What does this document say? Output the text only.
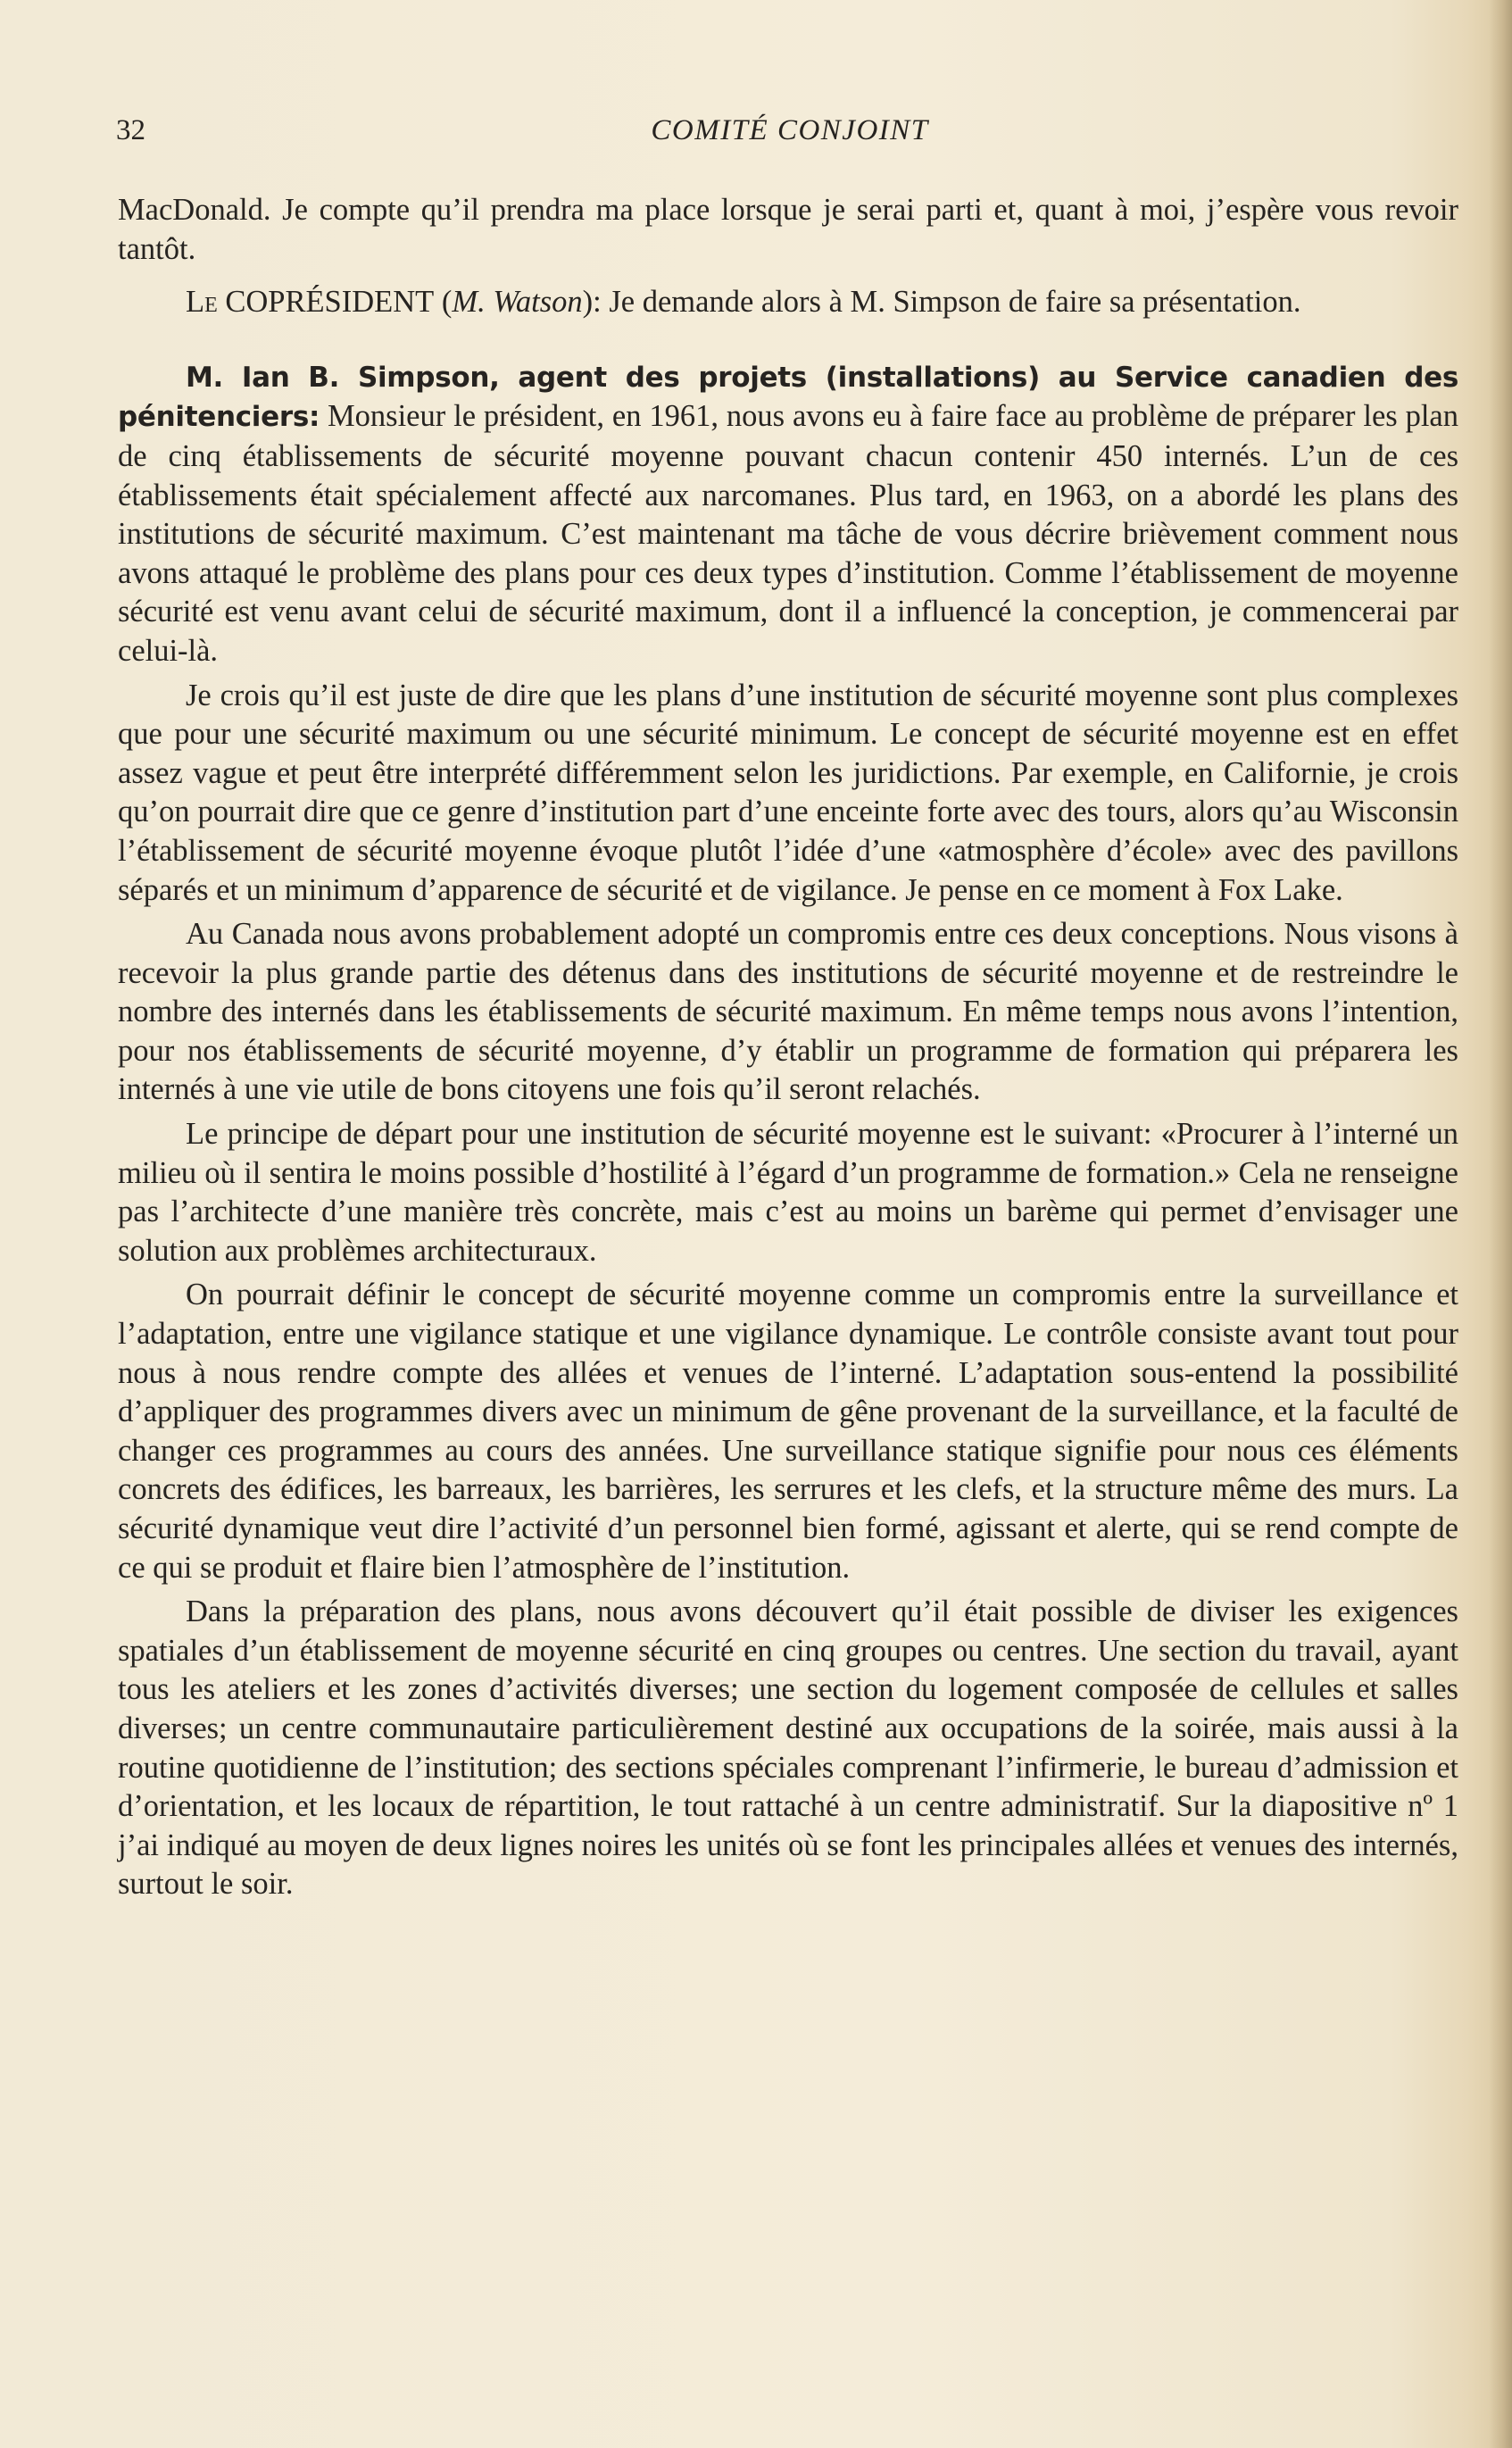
32	COMITÉ CONJOINT

MacDonald. Je compte qu’il prendra ma place lorsque je serai parti et, quant à moi, j’espère vous revoir tantôt.

Le COPRÉSIDENT (M. Watson): Je demande alors à M. Simpson de faire sa présentation.

M. Ian B. Simpson, agent des projets (installations) au Service canadien des pénitenciers: Monsieur le président, en 1961, nous avons eu à faire face au problème de préparer les plan de cinq établissements de sécurité moyenne pouvant chacun contenir 450 internés. L’un de ces établissements était spécialement affecté aux narcomanes. Plus tard, en 1963, on a abordé les plans des institutions de sécurité maximum. C’est maintenant ma tâche de vous décrire brièvement comment nous avons attaqué le problème des plans pour ces deux types d’institution. Comme l’établissement de moyenne sécurité est venu avant celui de sécurité maximum, dont il a influencé la conception, je commencerai par celui-là.

Je crois qu’il est juste de dire que les plans d’une institution de sécurité moyenne sont plus complexes que pour une sécurité maximum ou une sécurité minimum. Le concept de sécurité moyenne est en effet assez vague et peut être interprété différemment selon les juridictions. Par exemple, en Californie, je crois qu’on pourrait dire que ce genre d’institution part d’une enceinte forte avec des tours, alors qu’au Wisconsin l’établissement de sécurité moyenne évoque plutôt l’idée d’une «atmosphère d’école» avec des pavillons séparés et un minimum d’apparence de sécurité et de vigilance. Je pense en ce moment à Fox Lake.

Au Canada nous avons probablement adopté un compromis entre ces deux conceptions. Nous visons à recevoir la plus grande partie des détenus dans des institutions de sécurité moyenne et de restreindre le nombre des internés dans les établissements de sécurité maximum. En même temps nous avons l’intention, pour nos établissements de sécurité moyenne, d’y établir un programme de formation qui préparera les internés à une vie utile de bons citoyens une fois qu’il seront relachés.

Le principe de départ pour une institution de sécurité moyenne est le suivant: «Procurer à l’interné un milieu où il sentira le moins possible d’hostilité à l’égard d’un programme de formation.» Cela ne renseigne pas l’architecte d’une manière très concrète, mais c’est au moins un barème qui permet d’envisager une solution aux problèmes architecturaux.

On pourrait définir le concept de sécurité moyenne comme un compromis entre la surveillance et l’adaptation, entre une vigilance statique et une vigilance dynamique. Le contrôle consiste avant tout pour nous à nous rendre compte des allées et venues de l’interné. L’adaptation sous-entend la possibilité d’appliquer des programmes divers avec un minimum de gêne provenant de la surveillance, et la faculté de changer ces programmes au cours des années. Une surveillance statique signifie pour nous ces éléments concrets des édifices, les barreaux, les barrières, les serrures et les clefs, et la structure même des murs. La sécurité dynamique veut dire l’activité d’un personnel bien formé, agissant et alerte, qui se rend compte de ce qui se produit et flaire bien l’atmosphère de l’institution.

Dans la préparation des plans, nous avons découvert qu’il était possible de diviser les exigences spatiales d’un établissement de moyenne sécurité en cinq groupes ou centres. Une section du travail, ayant tous les ateliers et les zones d’activités diverses; une section du logement composée de cellules et salles diverses; un centre communautaire particulièrement destiné aux occupations de la soirée, mais aussi à la routine quotidienne de l’institution; des sections spéciales comprenant l’infirmerie, le bureau d’admission et d’orientation, et les locaux de répartition, le tout rattaché à un centre administratif. Sur la diapositive nº 1 j’ai indiqué au moyen de deux lignes noires les unités où se font les principales allées et venues des internés, surtout le soir.
